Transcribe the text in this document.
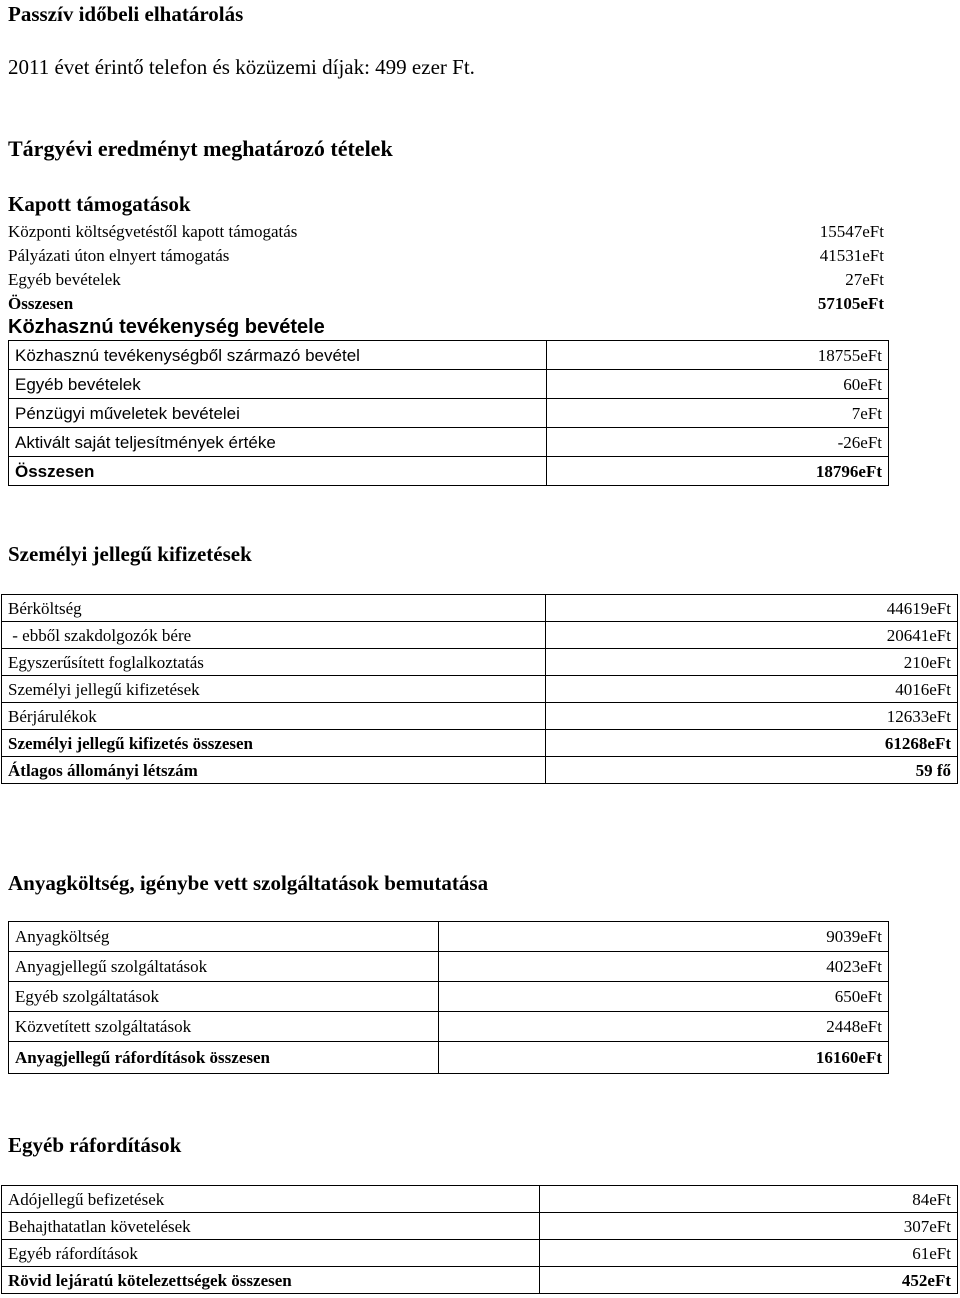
Passzív időbeli elhatárolás
2011 évet érintő telefon és közüzemi díjak: 499 ezer Ft.
Tárgyévi eredményt meghatározó tételek
Kapott támogatások
Központi költségvetéstől kapott támogatás	15547eFt
Pályázati úton elnyert támogatás	41531eFt
Egyéb bevételek	27eFt
Összesen	57105eFt
Közhasznú tevékenység bevétele
Közhasznú tevékenységből származó bevétel	18755eFt
Egyéb bevételek	60eFt
Pénzügyi műveletek bevételei	7eFt
Aktivált saját teljesítmények értéke	-26eFt
Összesen	18796eFt
Személyi jellegű kifizetések
Bérköltség	44619eFt
- ebből szakdolgozók bére	20641eFt
Egyszerűsített foglalkoztatás	210eFt
Személyi jellegű kifizetések	4016eFt
Bérjárulékok	12633eFt
Személyi jellegű kifizetés összesen	61268eFt
Átlagos állományi létszám	59 fő
Anyagköltség, igénybe vett szolgáltatások bemutatása
Anyagköltség	9039eFt
Anyagjellegű szolgáltatások	4023eFt
Egyéb szolgáltatások	650eFt
Közvetített szolgáltatások	2448eFt
Anyagjellegű ráfordítások összesen	16160eFt
Egyéb ráfordítások
Adójellegű befizetések	84eFt
Behajthatatlan követelések	307eFt
Egyéb ráfordítások	61eFt
Rövid lejáratú kötelezettségek összesen	452eFt
